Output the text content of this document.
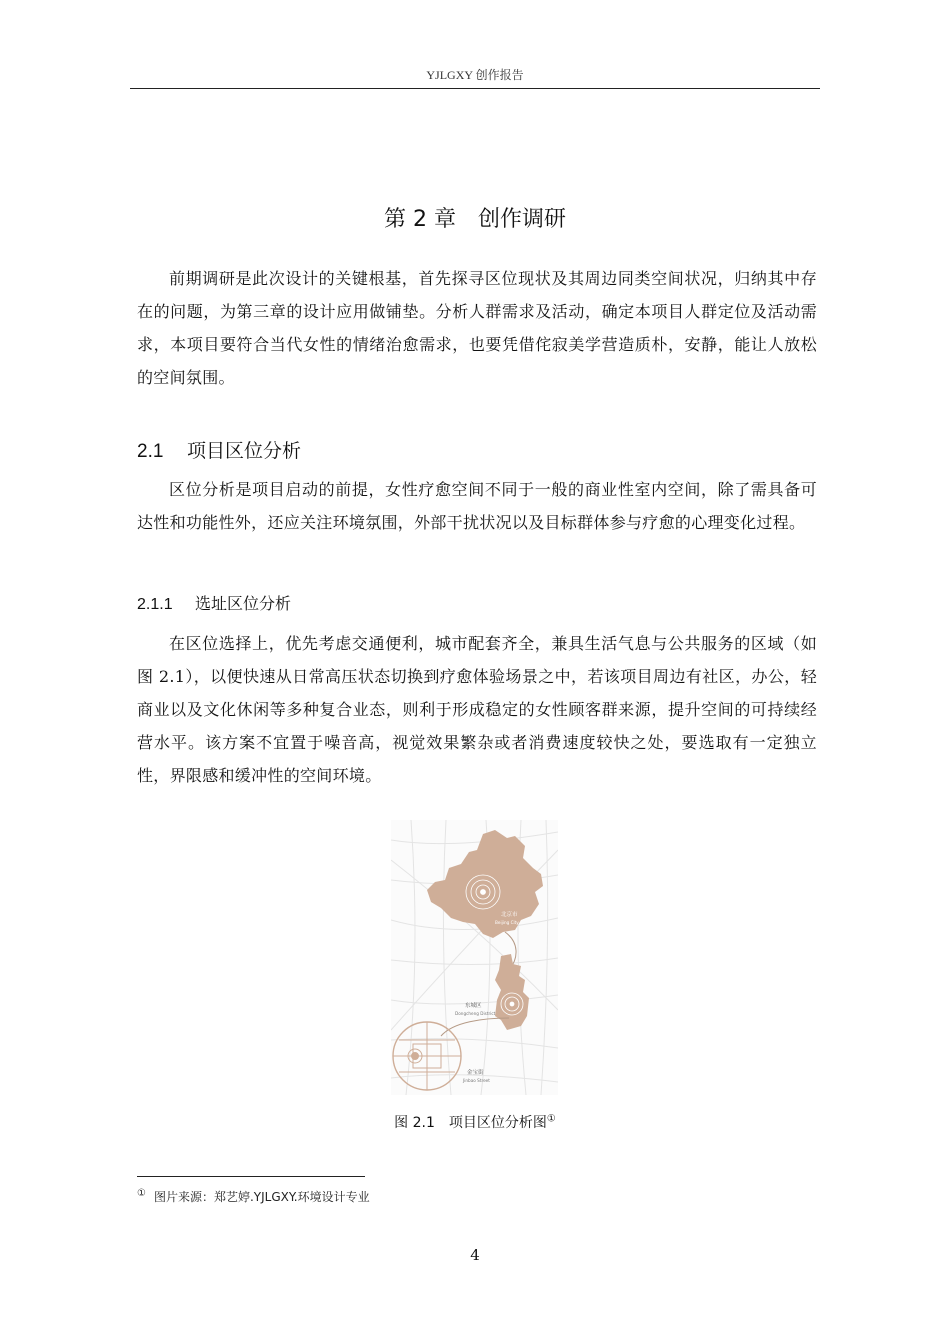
YJLGXY 创作报告
第 2 章　创作调研

前期调研是此次设计的关键根基，首先探寻区位现状及其周边同类空间状况，归纳其中存在的问题，为第三章的设计应用做铺垫。分析人群需求及活动，确定本项目人群定位及活动需求，本项目要符合当代女性的情绪治愈需求，也要凭借侘寂美学营造质朴，安静，能让人放松的空间氛围。

2.1 项目区位分析

区位分析是项目启动的前提，女性疗愈空间不同于一般的商业性室内空间，除了需具备可达性和功能性外，还应关注环境氛围，外部干扰状况以及目标群体参与疗愈的心理变化过程。

2.1.1 选址区位分析

在区位选择上，优先考虑交通便利，城市配套齐全，兼具生活气息与公共服务的区域（如图 2.1），以便快速从日常高压状态切换到疗愈体验场景之中，若该项目周边有社区，办公，轻商业以及文化休闲等多种复合业态，则利于形成稳定的女性顾客群来源，提升空间的可持续经营水平。该方案不宜置于噪音高，视觉效果繁杂或者消费速度较快之处，要选取有一定独立性，界限感和缓冲性的空间环境。

北京市
Beijing City
东城区
Dongcheng District
金宝街
Jinbao Street
图 2.1　项目区位分析图①
① 图片来源：郑艺婷.YJLGXY.环境设计专业
4
